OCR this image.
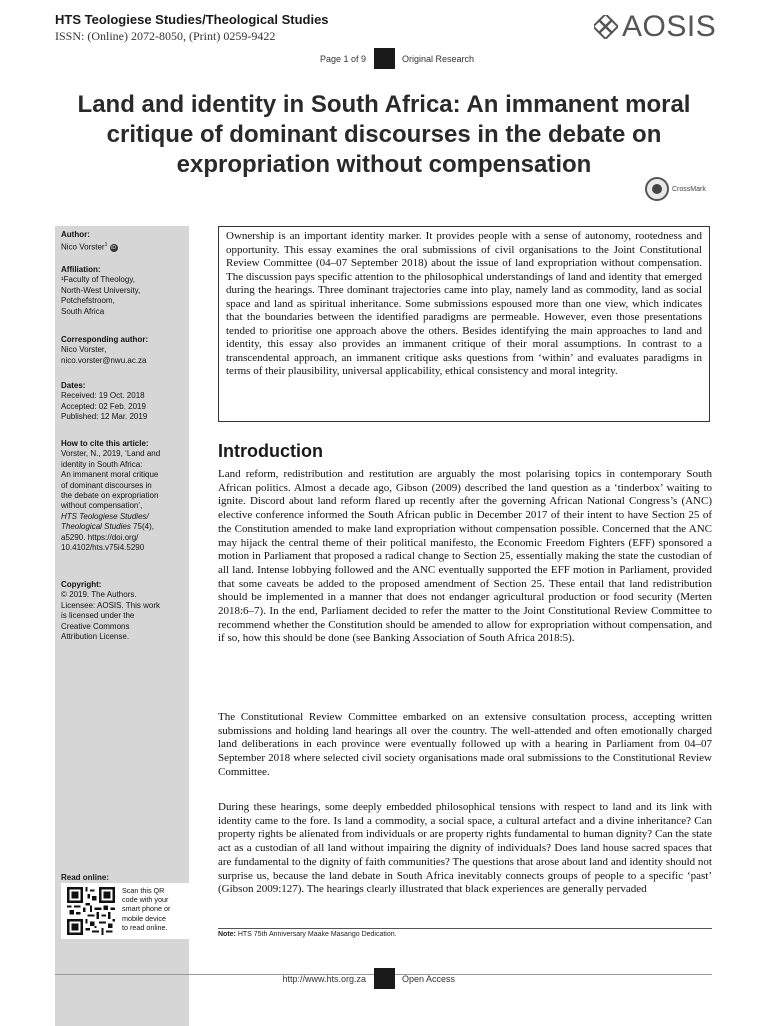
HTS Teologiese Studies/Theological Studies
ISSN: (Online) 2072-8050, (Print) 0259-9422	AOSIS
Page 1 of 9	Original Research
Land and identity in South Africa: An immanent moral critique of dominant discourses in the debate on expropriation without compensation
CrossMark
Author:
Nico Vorster$^1$ iD
Affiliation:
¹Faculty of Theology,
North-West University,
Potchefstroom,
South Africa
Corresponding author:
Nico Vorster,
nico.vorster@nwu.ac.za
Dates:
Received: 19 Oct. 2018
Accepted: 02 Feb. 2019
Published: 12 Mar. 2019
How to cite this article:
Vorster, N., 2019, ‘Land and
identity in South Africa:
An immanent moral critique
of dominant discourses in
the debate on expropriation
without compensation’,
HTS Teologiese Studies/
Theological Studies 75(4),
a5290. https://doi.org/
10.4102/hts.v75i4.5290
Copyright:
© 2019. The Authors.
Licensee: AOSIS. This work
is licensed under the
Creative Commons
Attribution License.
Read online:
Scan this QR
code with your
smart phone or
mobile device
to read online.
Ownership is an important identity marker. It provides people with a sense of autonomy, rootedness and opportunity. This essay examines the oral submissions of civil organisations to the Joint Constitutional Review Committee (04–07 September 2018) about the issue of land expropriation without compensation. The discussion pays specific attention to the philosophical understandings of land and identity that emerged during the hearings. Three dominant trajectories came into play, namely land as commodity, land as social space and land as spiritual inheritance. Some submissions espoused more than one view, which indicates that the boundaries between the identified paradigms are permeable. However, even those presentations tended to prioritise one approach above the others. Besides identifying the main approaches to land and identity, this essay also provides an immanent critique of their moral assumptions. In contrast to a transcendental approach, an immanent critique asks questions from ‘within’ and evaluates paradigms in terms of their plausibility, universal applicability, ethical consistency and moral integrity.
Introduction

Land reform, redistribution and restitution are arguably the most polarising topics in contemporary South African politics. Almost a decade ago, Gibson (2009) described the land question as a ‘tinderbox’ waiting to ignite. Discord about land reform flared up recently after the governing African National Congress’s (ANC) elective conference informed the South African public in December 2017 of their intent to have Section 25 of the Constitution amended to make land expropriation without compensation possible. Concerned that the ANC may hijack the central theme of their political manifesto, the Economic Freedom Fighters (EFF) sponsored a motion in Parliament that proposed a radical change to Section 25, essentially making the state the custodian of all land. Intense lobbying followed and the ANC eventually supported the EFF motion in Parliament, provided that some caveats be added to the proposed amendment of Section 25. These entail that land redistribution should be implemented in a manner that does not endanger agricultural production or food security (Merten 2018:6–7). In the end, Parliament decided to refer the matter to the Joint Constitutional Review Committee to recommend whether the Constitution should be amended to allow for expropriation without compensation, and if so, how this should be done (see Banking Association of South Africa 2018:5).

The Constitutional Review Committee embarked on an extensive consultation process, accepting written submissions and holding land hearings all over the country. The well-attended and often emotionally charged land deliberations in each province were eventually followed up with a hearing in Parliament from 04–07 September 2018 where selected civil society organisations made oral submissions to the Constitutional Review Committee.

During these hearings, some deeply embedded philosophical tensions with respect to land and its link with identity came to the fore. Is land a commodity, a social space, a cultural artefact and a divine inheritance? Can property rights be alienated from individuals or are property rights fundamental to human dignity? Can the state act as a custodian of all land without impairing the dignity of individuals? Does land house sacred spaces that are fundamental to the dignity of faith communities? The questions that arose about land and identity should not surprise us, because the land debate in South Africa inevitably connects groups of people to a specific ‘past’ (Gibson 2009:127). The hearings clearly illustrated that black experiences are generally pervaded

Note: HTS 75th Anniversary Maake Masango Dedication.
http://www.hts.org.za	Open Access
